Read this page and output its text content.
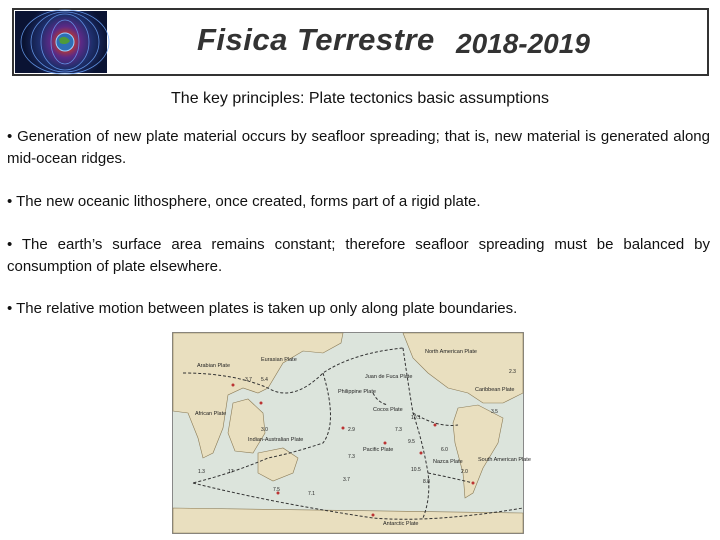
Fisica Terrestre 2018-2019
The key principles: Plate tectonics basic assumptions
• Generation of new plate material occurs by seafloor spreading; that is, new material is generated along mid-ocean ridges.
• The new oceanic lithosphere, once created, forms part of a rigid plate.
• The earth’s surface area remains constant; therefore seafloor spreading must be balanced by consumption of plate elsewhere.
• The relative motion between plates is taken up only along plate boundaries.
Eurasian Plate
Arabian Plate
African Plate
Philippine Plate
Juan de Fuca Plate
North American Plate
Caribbean Plate
Cocos Plate
Pacific Plate
Indian-Australian Plate
Nazca Plate	South American Plate
Antarctic Plate
3.7 5.4
2.9
10.1
10.5
7.3
9.5
7.3
6.0
3.0
1.3	17
3.5
2.3
2.0
7.5
8.8
7.1
3.7
